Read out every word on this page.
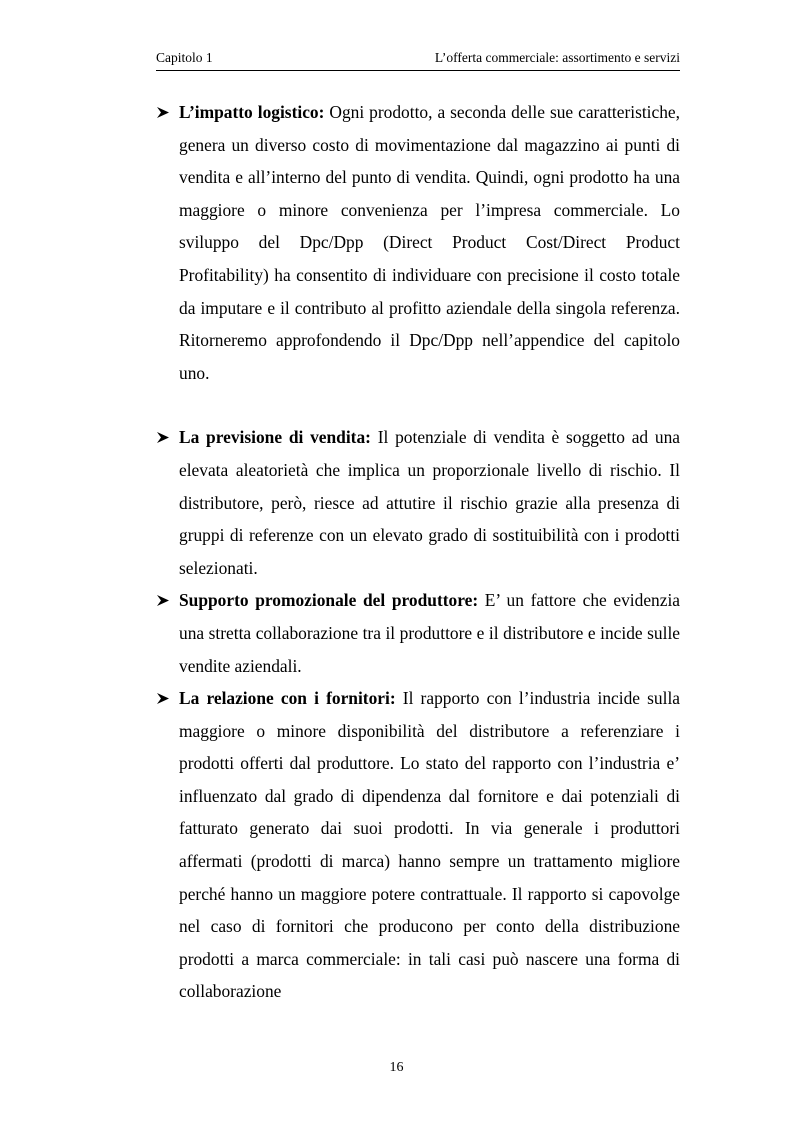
Capitolo 1	L’offerta commerciale: assortimento e servizi
L’impatto logistico: Ogni prodotto, a seconda delle sue caratteristiche, genera un diverso costo di movimentazione dal magazzino ai punti di vendita e all’interno del punto di vendita. Quindi, ogni prodotto ha una maggiore o minore convenienza per l’impresa commerciale. Lo sviluppo del Dpc/Dpp (Direct Product Cost/Direct Product Profitability) ha consentito di individuare con precisione il costo totale da imputare e il contributo al profitto aziendale della singola referenza. Ritorneremo approfondendo il Dpc/Dpp nell’appendice del capitolo uno.
La previsione di vendita: Il potenziale di vendita è soggetto ad una elevata aleatorietà che implica un proporzionale livello di rischio. Il distributore, però, riesce ad attutire il rischio grazie alla presenza di gruppi di referenze con un elevato grado di sostituibilità con i prodotti selezionati.
Supporto promozionale del produttore: E’ un fattore che evidenzia una stretta collaborazione tra il produttore e il distributore e incide sulle vendite aziendali.
La relazione con i fornitori: Il rapporto con l’industria incide sulla maggiore o minore disponibilità del distributore a referenziare i prodotti offerti dal produttore. Lo stato del rapporto con l’industria e’ influenzato dal grado di dipendenza dal fornitore e dai potenziali di fatturato generato dai suoi prodotti. In via generale i produttori affermati (prodotti di marca) hanno sempre un trattamento migliore perché hanno un maggiore potere contrattuale. Il rapporto si capovolge nel caso di fornitori che producono per conto della distribuzione prodotti a marca commerciale: in tali casi può nascere una forma di collaborazione
16
